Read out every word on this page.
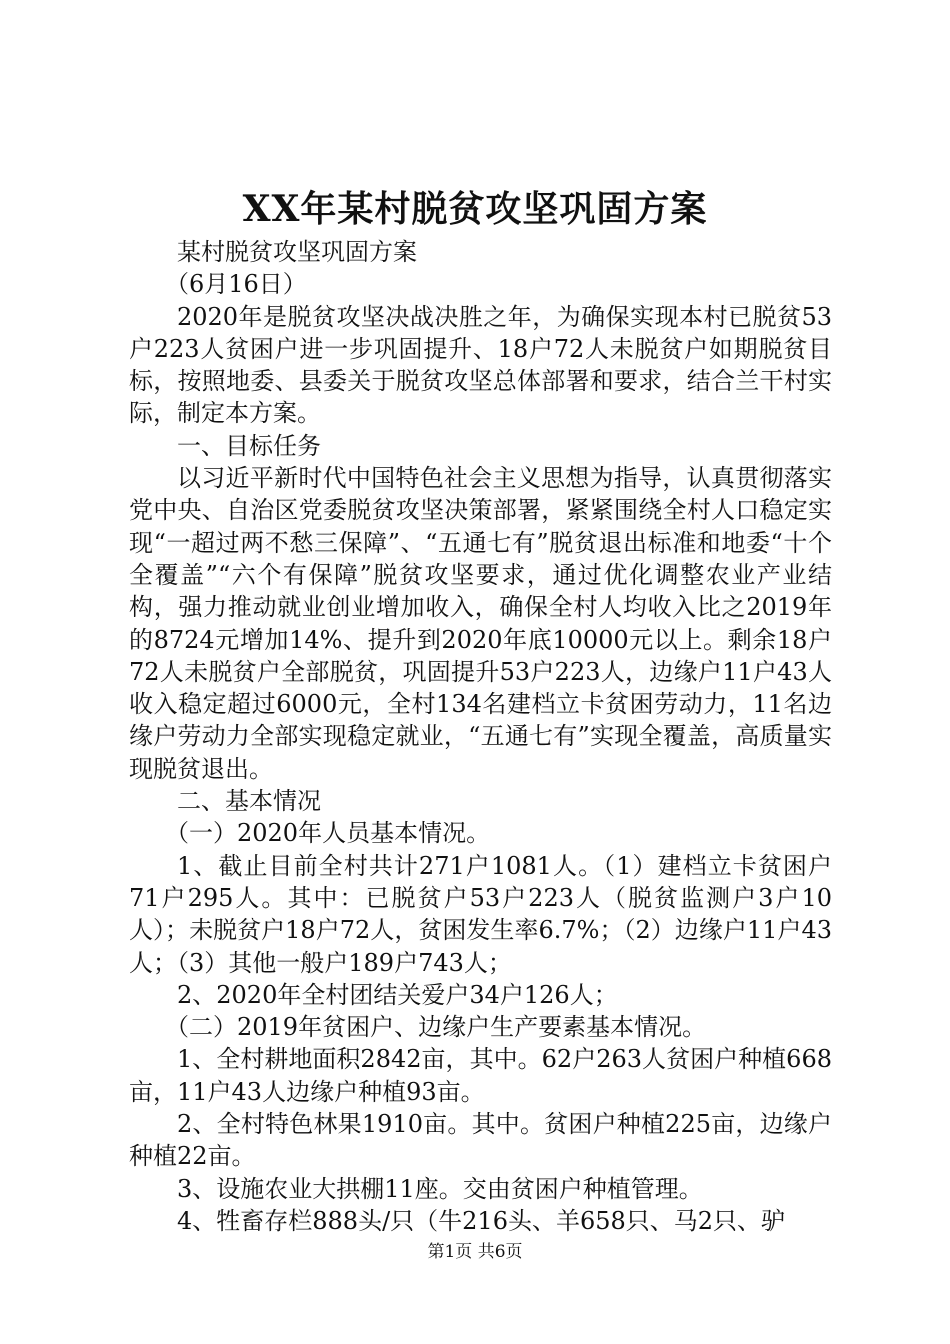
XX年某村脱贫攻坚巩固方案

某村脱贫攻坚巩固方案

（6月16日）

2020年是脱贫攻坚决战决胜之年，为确保实现本村已脱贫53户223人贫困户进一步巩固提升、18户72人未脱贫户如期脱贫目标，按照地委、县委关于脱贫攻坚总体部署和要求，结合兰干村实际，制定本方案。

一、目标任务

以习近平新时代中国特色社会主义思想为指导，认真贯彻落实党中央、自治区党委脱贫攻坚决策部署，紧紧围绕全村人口稳定实现“一超过两不愁三保障”、“五通七有”脱贫退出标准和地委“十个全覆盖”“六个有保障”脱贫攻坚要求，通过优化调整农业产业结构，强力推动就业创业增加收入，确保全村人均收入比之2019年的8724元增加14%、提升到2020年底10000元以上。剩余18户72人未脱贫户全部脱贫，巩固提升53户223人，边缘户11户43人收入稳定超过6000元，全村134名建档立卡贫困劳动力，11名边缘户劳动力全部实现稳定就业，“五通七有”实现全覆盖，高质量实现脱贫退出。

二、基本情况

（一）2020年人员基本情况。

1、截止目前全村共计271户1081人。（1）建档立卡贫困户71户295人。其中：已脱贫户53户223人（脱贫监测户3户10人）；未脱贫户18户72人，贫困发生率6.7%；（2）边缘户11户43人；（3）其他一般户189户743人；

2、2020年全村团结关爱户34户126人；

（二）2019年贫困户、边缘户生产要素基本情况。

1、全村耕地面积2842亩，其中。62户263人贫困户种植668亩，11户43人边缘户种植93亩。

2、全村特色林果1910亩。其中。贫困户种植225亩，边缘户种植22亩。

3、设施农业大拱棚11座。交由贫困户种植管理。

4、牲畜存栏888头/只（牛216头、羊658只、马2只、驴

第1页 共6页
